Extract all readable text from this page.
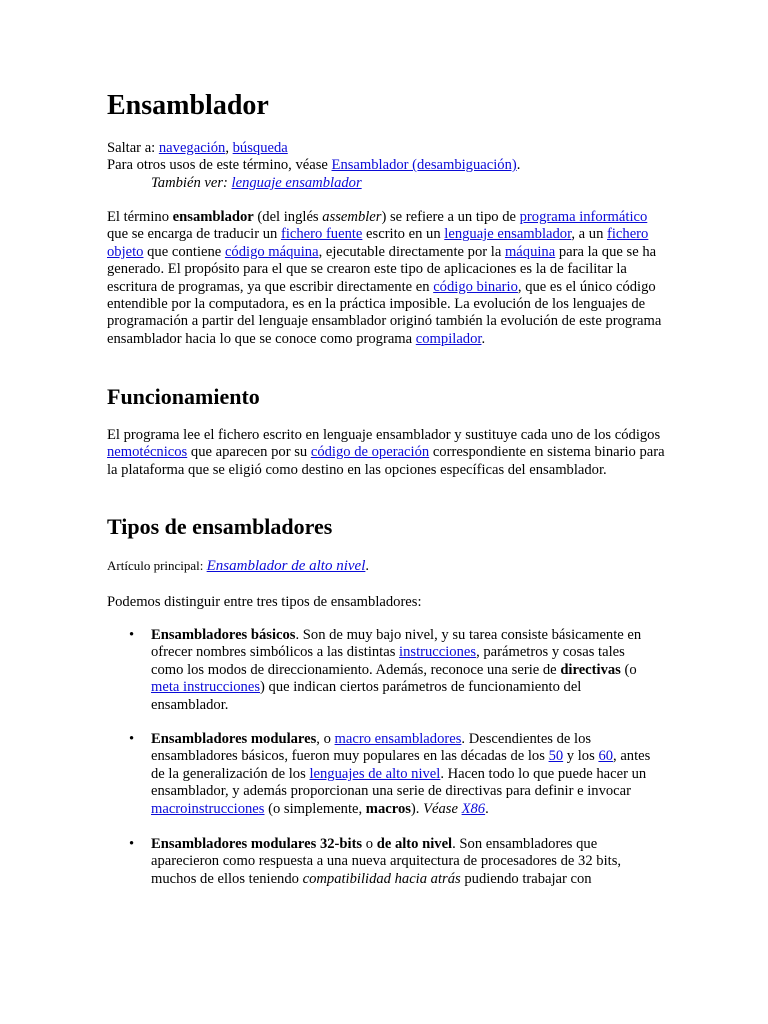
Ensamblador

Saltar a: navegación, búsqueda

Para otros usos de este término, véase Ensamblador (desambiguación).

También ver: lenguaje ensamblador

El término ensamblador (del inglés assembler) se refiere a un tipo de programa informático que se encarga de traducir un fichero fuente escrito en un lenguaje ensamblador, a un fichero objeto que contiene código máquina, ejecutable directamente por la máquina para la que se ha generado. El propósito para el que se crearon este tipo de aplicaciones es la de facilitar la escritura de programas, ya que escribir directamente en código binario, que es el único código entendible por la computadora, es en la práctica imposible. La evolución de los lenguajes de programación a partir del lenguaje ensamblador originó también la evolución de este programa ensamblador hacia lo que se conoce como programa compilador.

Funcionamiento

El programa lee el fichero escrito en lenguaje ensamblador y sustituye cada uno de los códigos nemotécnicos que aparecen por su código de operación correspondiente en sistema binario para la plataforma que se eligió como destino en las opciones específicas del ensamblador.

Tipos de ensambladores

Artículo principal: Ensamblador de alto nivel.

Podemos distinguir entre tres tipos de ensambladores:

• Ensambladores básicos. Son de muy bajo nivel, y su tarea consiste básicamente en ofrecer nombres simbólicos a las distintas instrucciones, parámetros y cosas tales como los modos de direccionamiento. Además, reconoce una serie de directivas (o meta instrucciones) que indican ciertos parámetros de funcionamiento del ensamblador.
• Ensambladores modulares, o macro ensambladores. Descendientes de los ensambladores básicos, fueron muy populares en las décadas de los 50 y los 60, antes de la generalización de los lenguajes de alto nivel. Hacen todo lo que puede hacer un ensamblador, y además proporcionan una serie de directivas para definir e invocar macroinstrucciones (o simplemente, macros). Véase X86.
• Ensambladores modulares 32-bits o de alto nivel. Son ensambladores que aparecieron como respuesta a una nueva arquitectura de procesadores de 32 bits, muchos de ellos teniendo compatibilidad hacia atrás pudiendo trabajar con
